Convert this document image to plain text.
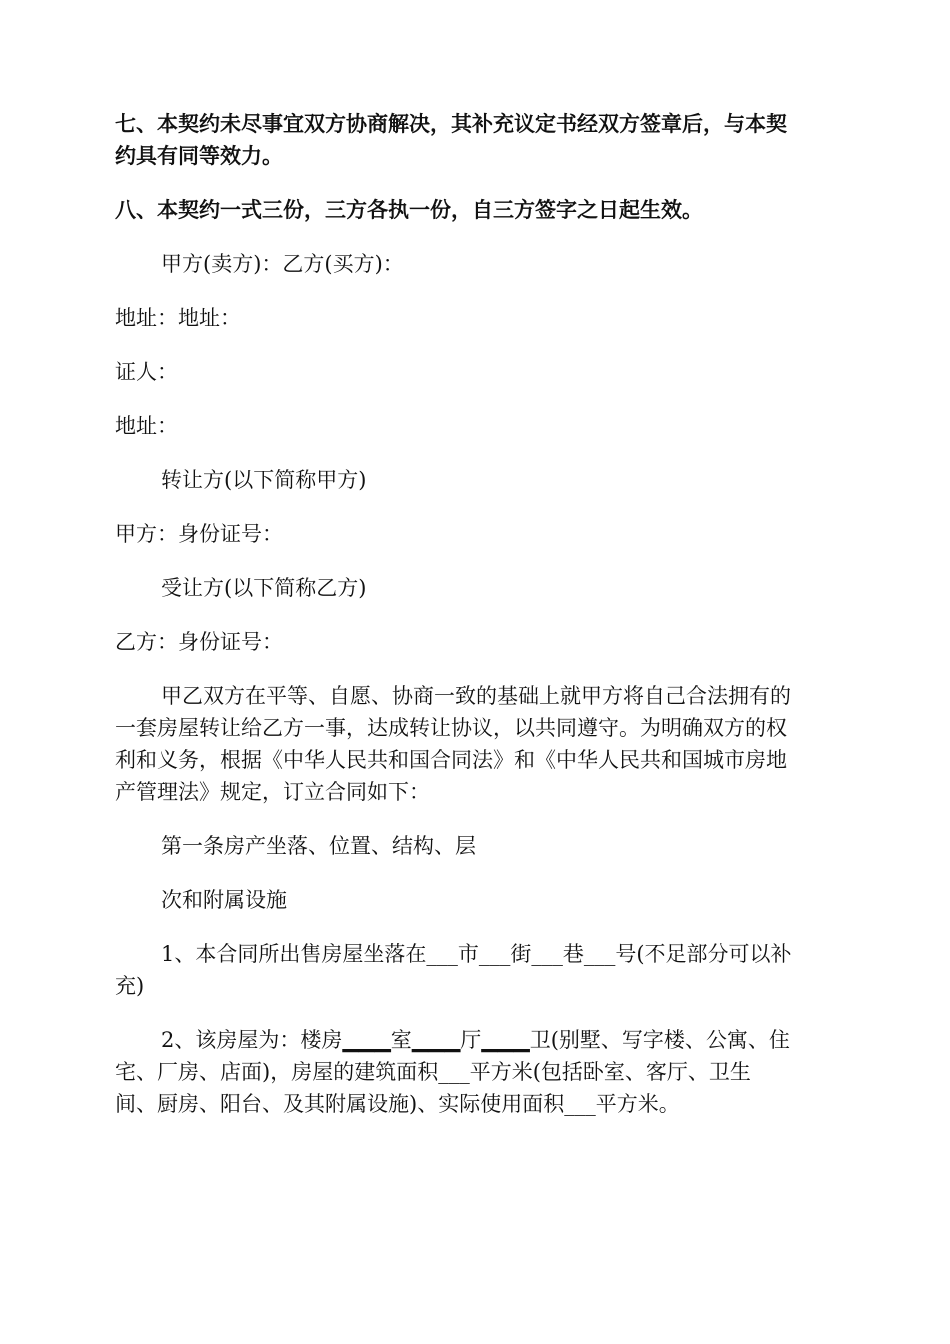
七、本契约未尽事宜双方协商解决，其补充议定书经双方签章后，与本契

约具有同等效力。

八、本契约一式三份，三方各执一份，自三方签字之日起生效。

甲方(卖方)：乙方(买方)：

地址：地址：

证人：

地址：

转让方(以下简称甲方)

甲方：身份证号：

受让方(以下简称乙方)

乙方：身份证号：

甲乙双方在平等、自愿、协商一致的基础上就甲方将自己合法拥有的

一套房屋转让给乙方一事，达成转让协议，以共同遵守。为明确双方的权

利和义务，根据《中华人民共和国合同法》和《中华人民共和国城市房地

产管理法》规定，订立合同如下：

第一条房产坐落、位置、结构、层

次和附属设施

1、本合同所出售房屋坐落在___市___街___巷___号(不足部分可以补

充)

2、该房屋为：楼房▁▁▁室▁▁▁厅▁▁▁卫(别墅、写字楼、公寓、住

宅、厂房、店面)，房屋的建筑面积___平方米(包括卧室、客厅、卫生

间、厨房、阳台、及其附属设施)、实际使用面积___平方米。
